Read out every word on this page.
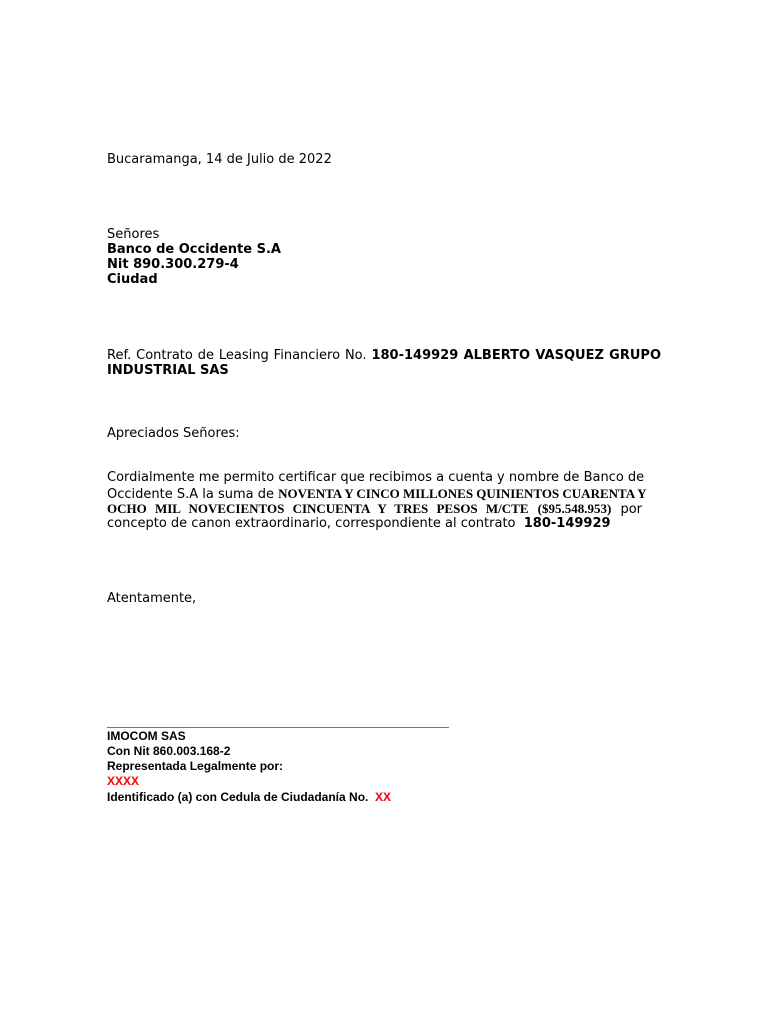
Bucaramanga, 14 de Julio de 2022
Señores
Banco de Occidente S.A
Nit 890.300.279-4
Ciudad
Ref. Contrato de Leasing Financiero No. 180-149929 ALBERTO VASQUEZ GRUPO
INDUSTRIAL SAS
Apreciados Señores:
Cordialmente me permito certificar que recibimos a cuenta y nombre de Banco de
Occidente S.A la suma de NOVENTA Y CINCO MILLONES QUINIENTOS CUARENTA Y
OCHO MIL NOVECIENTOS CINCUENTA Y TRES PESOS M/CTE ($95.548.953) por
concepto de canon extraordinario, correspondiente al contrato 180-149929
Atentamente,
IMOCOM SAS
Con Nit 860.003.168-2
Representada Legalmente por:
XXXX
Identificado (a) con Cedula de Ciudadanía No. XX
